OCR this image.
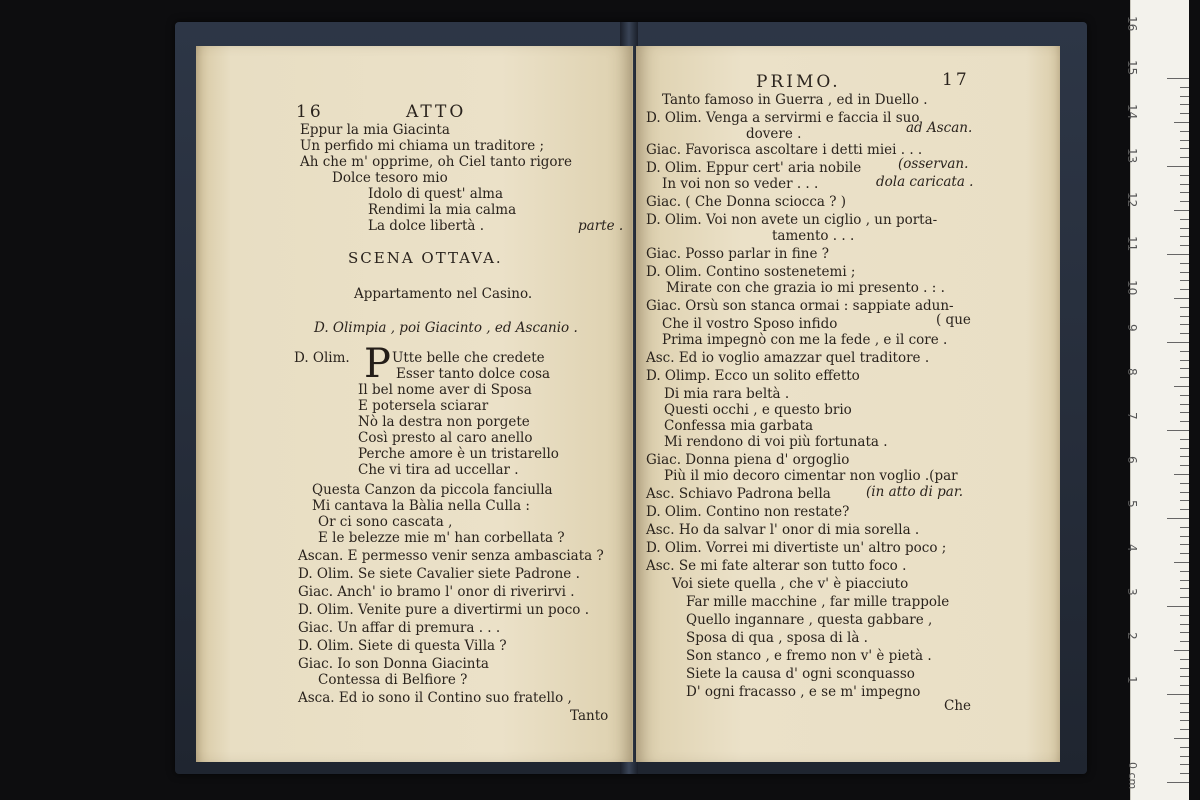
16	ATTO
Eppur la mia Giacinta
Un perfido mi chiama un traditore ;
Ah che m' opprime, oh Ciel tanto rigore
Dolce tesoro mio
Idolo di quest' alma
Rendimi la mia calma
La dolce libertà .	parte .
SCENA OTTAVA.
Appartamento nel Casino.
D. Olimpia , poi Giacinto , ed Ascanio .
D. Olim. P Utte belle che credete
Esser tanto dolce cosa
Il bel nome aver di Sposa
E potersela sciarar
Nò la destra non porgete
Così presto al caro anello
Perche amore è un tristarello
Che vi tira ad uccellar .
Questa Canzon da piccola fanciulla
Mi cantava la Bàlia nella Culla :
Or ci sono cascata ,
E le belezze mie m' han corbellata ?
Ascan. E permesso venir senza ambasciata ?
D. Olim. Se siete Cavalier siete Padrone .
Giac. Anch' io bramo l' onor di riverirvi .
D. Olim. Venite pure a divertirmi un poco .
Giac. Un affar di premura . . .
D. Olim. Siete di questa Villa ?
Giac. Io son Donna Giacinta
Contessa di Belfiore ?
Asca. Ed io sono il Contino suo fratello ,
Tanto
PRIMO.	17
Tanto famoso in Guerra , ed in Duello .
D. Olim. Venga a servirmi e faccia il suo
dovere .	ad Ascan.
Giac. Favorisca ascoltare i detti miei . . .
D. Olim. Eppur cert' aria nobile	(osservan.
In voi non so veder . . .	dola caricata .
Giac. ( Che Donna sciocca ? )
D. Olim. Voi non avete un ciglio , un porta-
tamento . . .
Giac. Posso parlar in fine ?
D. Olim. Contino sostenetemi ;
Mirate con che grazia io mi presento . : .
Giac. Orsù son stanca ormai : sappiate adun-
Che il vostro Sposo infido	( que
Prima impegnò con me la fede , e il core .
Asc. Ed io voglio amazzar quel traditore .
D. Olimp. Ecco un solito effetto
Di mia rara beltà .
Questi occhi , e questo brio
Confessa mia garbata
Mi rendono di voi più fortunata .
Giac. Donna piena d' orgoglio
Più il mio decoro cimentar non voglio .(par
Asc. Schiavo Padrona bella	(in atto di par.
D. Olim. Contino non restate?
Asc. Ho da salvar l' onor di mia sorella .
D. Olim. Vorrei mi divertiste un' altro poco ;
Asc. Se mi fate alterar son tutto foco .
Voi siete quella , che v' è piacciuto
Far mille macchine , far mille trappole
Quello ingannare , questa gabbare ,
Sposa di qua , sposa di là .
Son stanco , e fremo non v' è pietà .
Siete la causa d' ogni sconquasso
D' ogni fracasso , e se m' impegno
Che
0 cm
1
2
3
4
5
6
7
8
9
10
11
12
13
14
15
16
